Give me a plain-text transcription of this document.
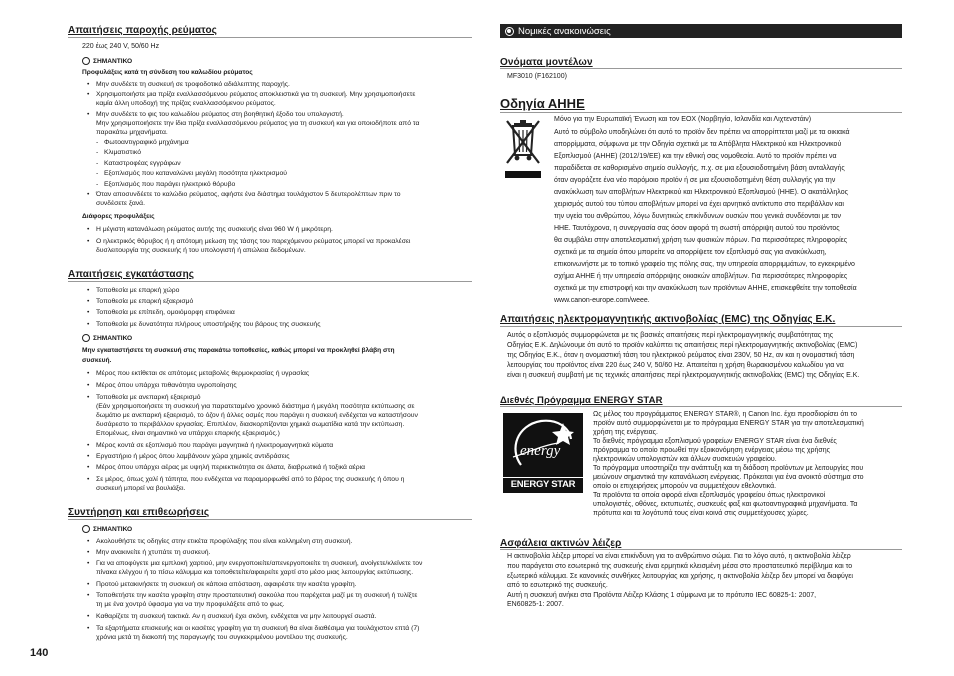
Απαιτήσεις παροχής ρεύματος
220 έως 240 V, 50/60 Hz
ΣΗΜΑΝΤΙΚΟ
Προφυλάξεις κατά τη σύνδεση του καλωδίου ρεύματος
• Μην συνδέετε τη συσκευή σε τροφοδοτικό αδιάλειπτης παροχής.
• Χρησιμοποιήστε μια πρίζα εναλλασσόμενου ρεύματος αποκλειστικά για τη συσκευή. Μην χρησιμοποιήσετε
καμία άλλη υποδοχή της πρίζας εναλλασσόμενου ρεύματος.
• Μην συνδέετε το φις του καλωδίου ρεύματος στη βοηθητική έξοδο του υπολογιστή.
Μην χρησιμοποιήσετε την ίδια πρίζα εναλλασσόμενου ρεύματος για τη συσκευή και για οποιοδήποτε από τα
παρακάτω μηχανήματα.
- Φωτοαντιγραφικό μηχάνημα
- Κλιματιστικό
- Καταστροφέας εγγράφων
- Εξοπλισμός που καταναλώνει μεγάλη ποσότητα ηλεκτρισμού
- Εξοπλισμός που παράγει ηλεκτρικό θόρυβο
• Όταν αποσυνδέετε το καλώδιο ρεύματος, αφήστε ένα διάστημα τουλάχιστον 5 δευτερολέπτων πριν το
συνδέσετε ξανά.
Διάφορες προφυλάξεις
• Η μέγιστη κατανάλωση ρεύματος αυτής της συσκευής είναι 960 W ή μικρότερη.
• Ο ηλεκτρικός θόρυβος ή η απότομη μείωση της τάσης του παρεχόμενου ρεύματος μπορεί να προκαλέσει
δυσλειτουργία της συσκευής ή του υπολογιστή ή απώλεια δεδομένων.
Απαιτήσεις εγκατάστασης
• Τοποθεσία με επαρκή χώρο
• Τοποθεσία με επαρκή εξαερισμό
• Τοποθεσία με επίπεδη, ομοιόμορφη επιφάνεια
• Τοποθεσία με δυνατότητα πλήρους υποστήριξης του βάρους της συσκευής
ΣΗΜΑΝΤΙΚΟ
Μην εγκαταστήσετε τη συσκευή στις παρακάτω τοποθεσίες, καθώς μπορεί να προκληθεί βλάβη στη
συσκευή.
• Μέρος που εκτίθεται σε απότομες μεταβολές θερμοκρασίας ή υγρασίας
• Μέρος όπου υπάρχει πιθανότητα υγροποίησης
• Τοποθεσία με ανεπαρκή εξαερισμό
(Εάν χρησιμοποιήσετε τη συσκευή για παρατεταμένο χρονικό διάστημα ή μεγάλη ποσότητα εκτύπωσης σε
δωμάτιο με ανεπαρκή εξαερισμό, το όζον ή άλλες οσμές που παράγει η συσκευή ενδέχεται να καταστήσουν
δυσάρεστο το περιβάλλον εργασίας. Επιπλέον, διασκορπίζονται χημικά σωματίδια κατά την εκτύπωση.
Επομένως, είναι σημαντικό να υπάρχει επαρκής εξαερισμός.)
• Μέρος κοντά σε εξοπλισμό που παράγει μαγνητικά ή ηλεκτρομαγνητικά κύματα
• Εργαστήριο ή μέρος όπου λαμβάνουν χώρα χημικές αντιδράσεις
• Μέρος όπου υπάρχει αέρας με υψηλή περιεκτικότητα σε άλατα, διαβρωτικά ή τοξικά αέρια
• Σε μέρος, όπως χαλί ή τάπητα, που ενδέχεται να παραμορφωθεί από το βάρος της συσκευής ή όπου η
συσκευή μπορεί να βουλιάξει.
Συντήρηση και επιθεωρήσεις
ΣΗΜΑΝΤΙΚΟ
• Ακολουθήστε τις οδηγίες στην ετικέτα προφύλαξης που είναι κολλημένη στη συσκευή.
• Μην ανακινείτε ή χτυπάτε τη συσκευή.
• Για να αποφύγετε μια εμπλοκή χαρτιού, μην ενεργοποιείτε/απενεργοποιείτε τη συσκευή, ανοίγετε/κλείνετε τον
πίνακα ελέγχου ή το πίσω κάλυμμα και τοποθετείτε/αφαιρείτε χαρτί στο μέσο μιας λειτουργίας εκτύπωσης.
• Προτού μετακινήσετε τη συσκευή σε κάποια απόσταση, αφαιρέστε την κασέτα γραφίτη.
• Τοποθετήστε την κασέτα γραφίτη στην προστατευτική σακούλα που παρέχεται μαζί με τη συσκευή ή τυλίξτε
τη με ένα χοντρό ύφασμα για να την προφυλάξετε από το φως.
• Καθαρίζετε τη συσκευή τακτικά. Αν η συσκευή έχει σκόνη, ενδέχεται να μην λειτουργεί σωστά.
• Τα εξαρτήματα επισκευής και οι κασέτες γραφίτη για τη συσκευή θα είναι διαθέσιμα για τουλάχιστον επτά (7)
χρόνια μετά τη διακοπή της παραγωγής του συγκεκριμένου μοντέλου της συσκευής.
140
Νομικές ανακοινώσεις
Ονόματα μοντέλων
MF3010 (F162100)
Οδηγία ΑΗΗΕ
Μόνο για την Ευρωπαϊκή Ένωση και τον ΕΟΧ (Νορβηγία, Ισλανδία και Λιχτενστάιν)
Αυτό το σύμβολο υποδηλώνει ότι αυτό το προϊόν δεν πρέπει να απορρίπτεται μαζί με τα οικιακά
απορρίμματα, σύμφωνα με την Οδηγία σχετικά με τα Απόβλητα Ηλεκτρικού και Ηλεκτρονικού
Εξοπλισμού (ΑΗΗΕ) (2012/19/ΕΕ) και την εθνική σας νομοθεσία. Αυτό το προϊόν πρέπει να
παραδίδεται σε καθορισμένο σημείο συλλογής, π.χ. σε μια εξουσιοδοτημένη βάση ανταλλαγής
όταν αγοράζετε ένα νέο παρόμοιο προϊόν ή σε μια εξουσιοδοτημένη θέση συλλογής για την
ανακύκλωση των αποβλήτων Ηλεκτρικού και Ηλεκτρονικού Εξοπλισμού (ΗΗΕ). Ο ακατάλληλος
χειρισμός αυτού του τύπου αποβλήτων μπορεί να έχει αρνητικό αντίκτυπο στο περιβάλλον και
την υγεία του ανθρώπου, λόγω δυνητικώς επικίνδυνων ουσιών που γενικά συνδέονται με τον
ΗΗΕ. Ταυτόχρονα, η συνεργασία σας όσον αφορά τη σωστή απόρριψη αυτού του προϊόντος
θα συμβάλει στην αποτελεσματική χρήση των φυσικών πόρων. Για περισσότερες πληροφορίες
σχετικά με τα σημεία όπου μπορείτε να απορρίψετε τον εξοπλισμό σας για ανακύκλωση,
επικοινωνήστε με το τοπικό γραφείο της πόλης σας, την υπηρεσία απορριμμάτων, το εγκεκριμένο
σχήμα ΑΗΗΕ ή την υπηρεσία απόρριψης οικιακών αποβλήτων. Για περισσότερες πληροφορίες
σχετικά με την επιστροφή και την ανακύκλωση των προϊόντων ΑΗΗΕ, επισκεφθείτε την τοποθεσία
www.canon-europe.com/weee.
Απαιτήσεις ηλεκτρομαγνητικής ακτινοβολίας (EMC) της Οδηγίας Ε.Κ.
Αυτός ο εξοπλισμός συμμορφώνεται με τις βασικές απαιτήσεις περί ηλεκτρομαγνητικής συμβατότητας της
Οδηγίας Ε.Κ. Δηλώνουμε ότι αυτό το προϊόν καλύπτει τις απαιτήσεις περί ηλεκτρομαγνητικής ακτινοβολίας (EMC)
της Οδηγίας Ε.Κ., όταν η ονομαστική τάση του ηλεκτρικού ρεύματος είναι 230V, 50 Hz, αν και η ονομαστική τάση
λειτουργίας του προϊόντος είναι 220 έως 240 V, 50/60 Hz. Απαιτείται η χρήση θωρακισμένου καλωδίου για να
είναι η συσκευή συμβατή με τις τεχνικές απαιτήσεις περί ηλεκτρομαγνητικής ακτινοβολίας (EMC) της Οδηγίας Ε.Κ.
Διεθνές Πρόγραμμα ENERGY STAR
energy
ENERGY STAR
Ως μέλος του προγράμματος ENERGY STAR®, η Canon Inc. έχει προσδιορίσει ότι το
προϊόν αυτό συμμορφώνεται με το πρόγραμμα ENERGY STAR για την αποτελεσματική
χρήση της ενέργειας.
Το διεθνές πρόγραμμα εξοπλισμού γραφείων ENERGY STAR είναι ένα διεθνές
πρόγραμμα το οποίο προωθεί την εξοικονόμηση ενέργειας μέσω της χρήσης
ηλεκτρονικών υπολογιστών και άλλων συσκευών γραφείου.
Το πρόγραμμα υποστηρίζει την ανάπτυξη και τη διάδοση προϊόντων με λειτουργίες που
μειώνουν σημαντικά την κατανάλωση ενέργειας. Πρόκειται για ένα ανοικτό σύστημα στο
οποίο οι επιχειρήσεις μπορούν να συμμετέχουν εθελοντικά.
Τα προϊόντα τα οποία αφορά είναι εξοπλισμός γραφείου όπως ηλεκτρονικοί
υπολογιστές, οθόνες, εκτυπωτές, συσκευές φαξ και φωτοαντιγραφικά μηχανήματα. Τα
πρότυπα και τα λογότυπά τους είναι κοινά στις συμμετέχουσες χώρες.
Ασφάλεια ακτινών λέιζερ
Η ακτινοβολία λέιζερ μπορεί να είναι επικίνδυνη για το ανθρώπινο σώμα. Για το λόγο αυτό, η ακτινοβολία λέιζερ
που παράγεται στο εσωτερικό της συσκευής είναι ερμητικά κλεισμένη μέσα στο προστατευτικό περίβλημα και το
εξωτερικό κάλυμμα. Σε κανονικές συνθήκες λειτουργίας και χρήσης, η ακτινοβολία λέιζερ δεν μπορεί να διαφύγει
από το εσωτερικό της συσκευής.
Αυτή η συσκευή ανήκει στα Προϊόντα Λέιζερ Κλάσης 1 σύμφωνα με το πρότυπο IEC 60825-1: 2007,
EN60825-1: 2007.
